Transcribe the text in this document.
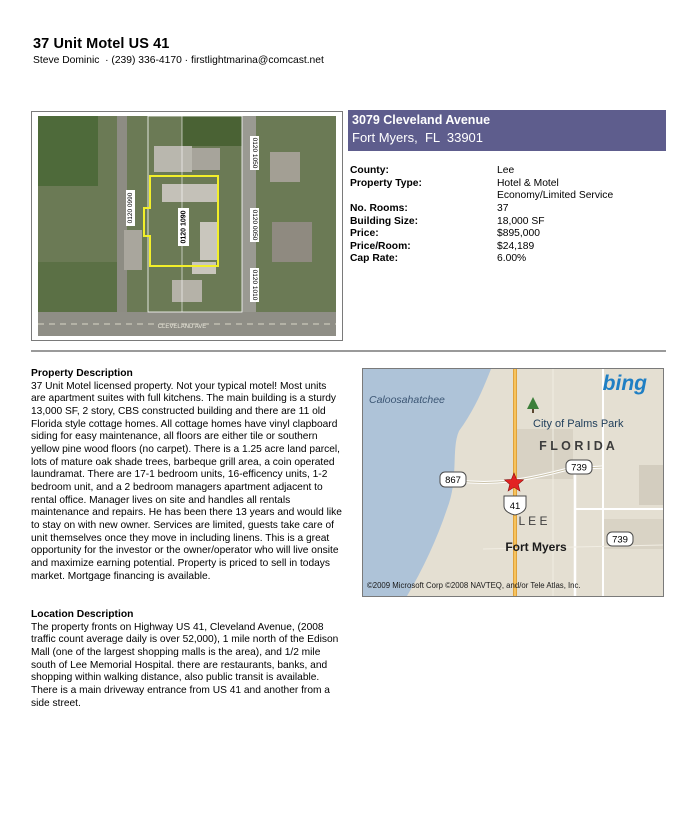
37 Unit Motel US 41
Steve Dominic  · (239) 336-4170 · firstlightmarina@comcast.net
0120 1090
0120 0990
0120 1050
0120 0050
0120 1010
CLEVELAND AVE
3079 Cleveland Avenue
Fort Myers,  FL  33901
County:	Lee
Property Type:	Hotel & Motel
Economy/Limited Service
No. Rooms:	37
Building Size:	18,000 SF
Price:	$895,000
Price/Room:	$24,189
Cap Rate:	6.00%
Property Description

37 Unit Motel licensed property. Not your typical motel! Most units are apartment suites with full kitchens. The main building is a sturdy 13,000 SF, 2 story, CBS constructed building and there are 11 old Florida style cottage homes. All cottage homes have vinyl clapboard siding for easy maintenance, all floors are either tile or southern yellow pine wood floors (no carpet). There is a 1.25 acre land parcel, lots of mature oak shade trees, barbeque grill area, a coin operated laundramat. There are 17-1 bedroom units, 16-efficency units, 1-2 bedroom unit, and a 2 bedroom managers apartment adjacent to rental office. Manager lives on site and handles all rentals maintenance and repairs. He has been there 13 years and would like to stay on with new owner. Services are limited, guests take care of unit themselves once they move in including linens. This is a great opportunity for the investor or the owner/operator who will live onsite and maximize earning potential. Property is priced to sell in todays market. Mortgage financing is available.

Location Description

The property fronts on Highway US 41, Cleveland Avenue, (2008 traffic count average daily is over 52,000), 1 mile north of the Edison Mall (one of the largest shopping malls is the area), and 1/2 mile south of Lee Memorial Hospital. there are restaurants, banks, and shopping within walking distance, also public transit is available. There is a main driveway entrance from US 41 and another from a side street.

bing
Caloosahatchee
City of Palms Park
F L O R I D A
L E E
Fort Myers
739
867
41
739
©2009 Microsoft Corp ©2008 NAVTEQ, and/or Tele Atlas, Inc.
